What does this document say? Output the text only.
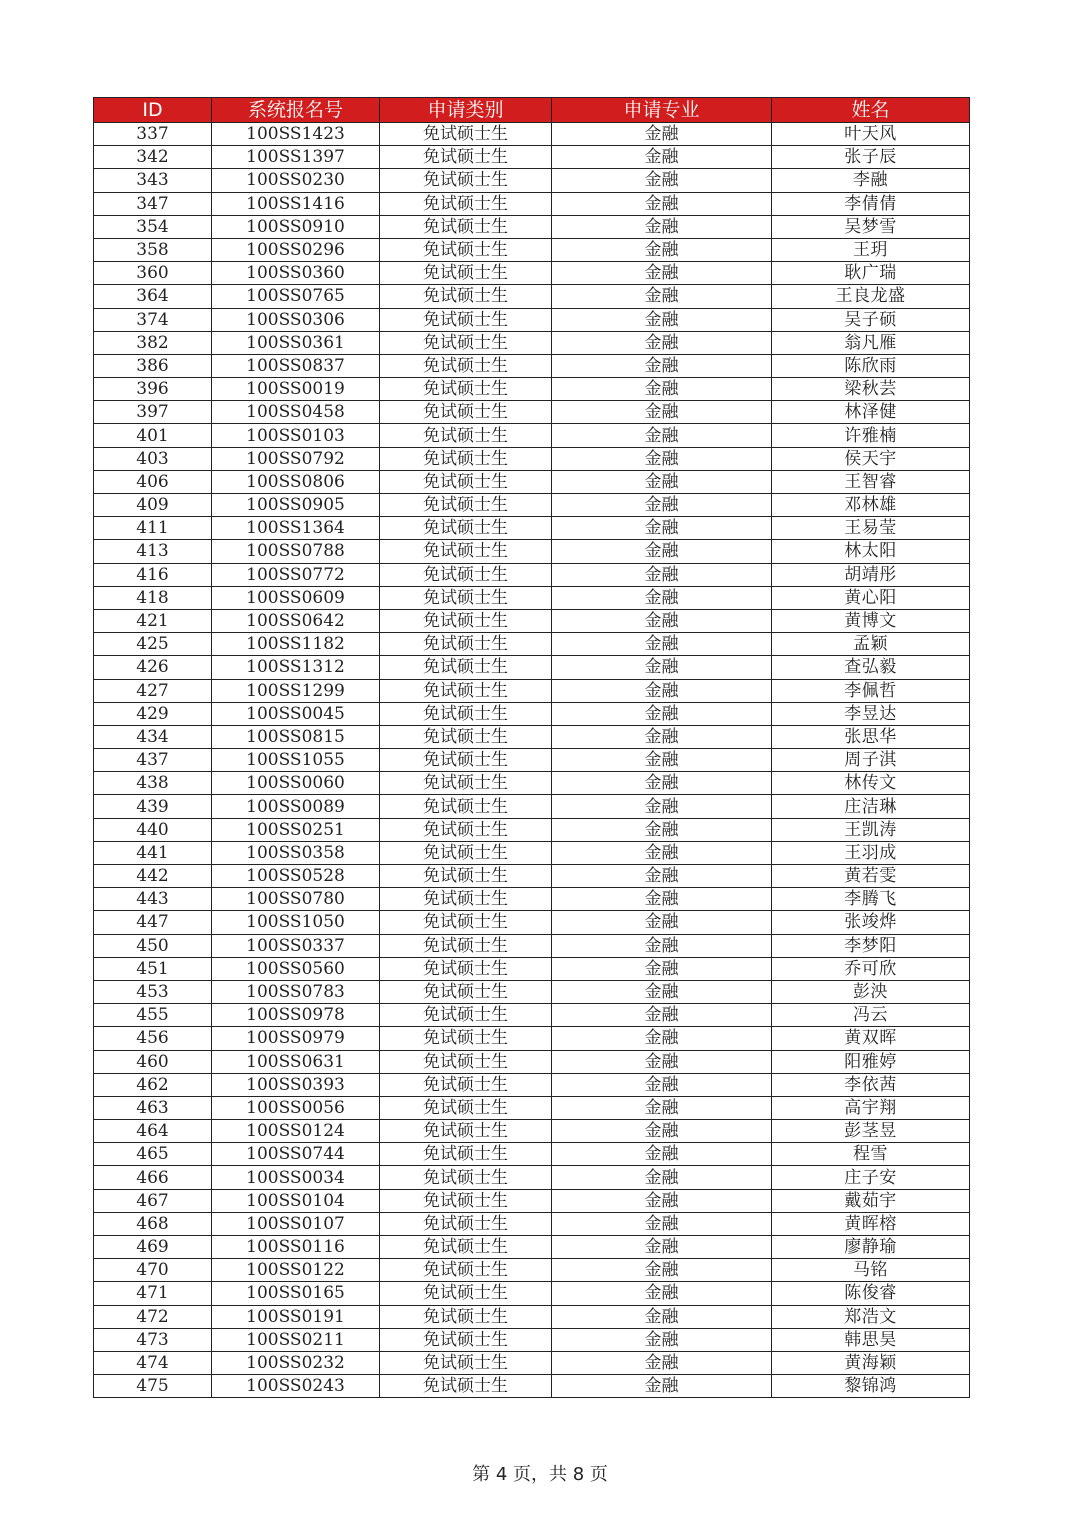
ID	系统报名号	申请类别	申请专业	姓名
337	100SS1423	免试硕士生	金融	叶天风
342	100SS1397	免试硕士生	金融	张子辰
343	100SS0230	免试硕士生	金融	李融
347	100SS1416	免试硕士生	金融	李倩倩
354	100SS0910	免试硕士生	金融	吴梦雪
358	100SS0296	免试硕士生	金融	王玥
360	100SS0360	免试硕士生	金融	耿广瑞
364	100SS0765	免试硕士生	金融	王良龙盛
374	100SS0306	免试硕士生	金融	吴子硕
382	100SS0361	免试硕士生	金融	翁凡雁
386	100SS0837	免试硕士生	金融	陈欣雨
396	100SS0019	免试硕士生	金融	梁秋芸
397	100SS0458	免试硕士生	金融	林泽健
401	100SS0103	免试硕士生	金融	许雅楠
403	100SS0792	免试硕士生	金融	侯天宇
406	100SS0806	免试硕士生	金融	王智睿
409	100SS0905	免试硕士生	金融	邓林雄
411	100SS1364	免试硕士生	金融	王易莹
413	100SS0788	免试硕士生	金融	林太阳
416	100SS0772	免试硕士生	金融	胡靖彤
418	100SS0609	免试硕士生	金融	黄心阳
421	100SS0642	免试硕士生	金融	黄博文
425	100SS1182	免试硕士生	金融	孟颖
426	100SS1312	免试硕士生	金融	查弘毅
427	100SS1299	免试硕士生	金融	李佩哲
429	100SS0045	免试硕士生	金融	李昱达
434	100SS0815	免试硕士生	金融	张思华
437	100SS1055	免试硕士生	金融	周子淇
438	100SS0060	免试硕士生	金融	林传文
439	100SS0089	免试硕士生	金融	庄洁琳
440	100SS0251	免试硕士生	金融	王凯涛
441	100SS0358	免试硕士生	金融	王羽成
442	100SS0528	免试硕士生	金融	黄若雯
443	100SS0780	免试硕士生	金融	李腾飞
447	100SS1050	免试硕士生	金融	张竣烨
450	100SS0337	免试硕士生	金融	李梦阳
451	100SS0560	免试硕士生	金融	乔可欣
453	100SS0783	免试硕士生	金融	彭泱
455	100SS0978	免试硕士生	金融	冯云
456	100SS0979	免试硕士生	金融	黄双晖
460	100SS0631	免试硕士生	金融	阳雅婷
462	100SS0393	免试硕士生	金融	李依茜
463	100SS0056	免试硕士生	金融	高宇翔
464	100SS0124	免试硕士生	金融	彭茎昱
465	100SS0744	免试硕士生	金融	程雪
466	100SS0034	免试硕士生	金融	庄子安
467	100SS0104	免试硕士生	金融	戴茹宇
468	100SS0107	免试硕士生	金融	黄晖榕
469	100SS0116	免试硕士生	金融	廖静瑜
470	100SS0122	免试硕士生	金融	马铭
471	100SS0165	免试硕士生	金融	陈俊睿
472	100SS0191	免试硕士生	金融	郑浩文
473	100SS0211	免试硕士生	金融	韩思昊
474	100SS0232	免试硕士生	金融	黄海颖
475	100SS0243	免试硕士生	金融	黎锦鸿
第 4 页，共 8 页
